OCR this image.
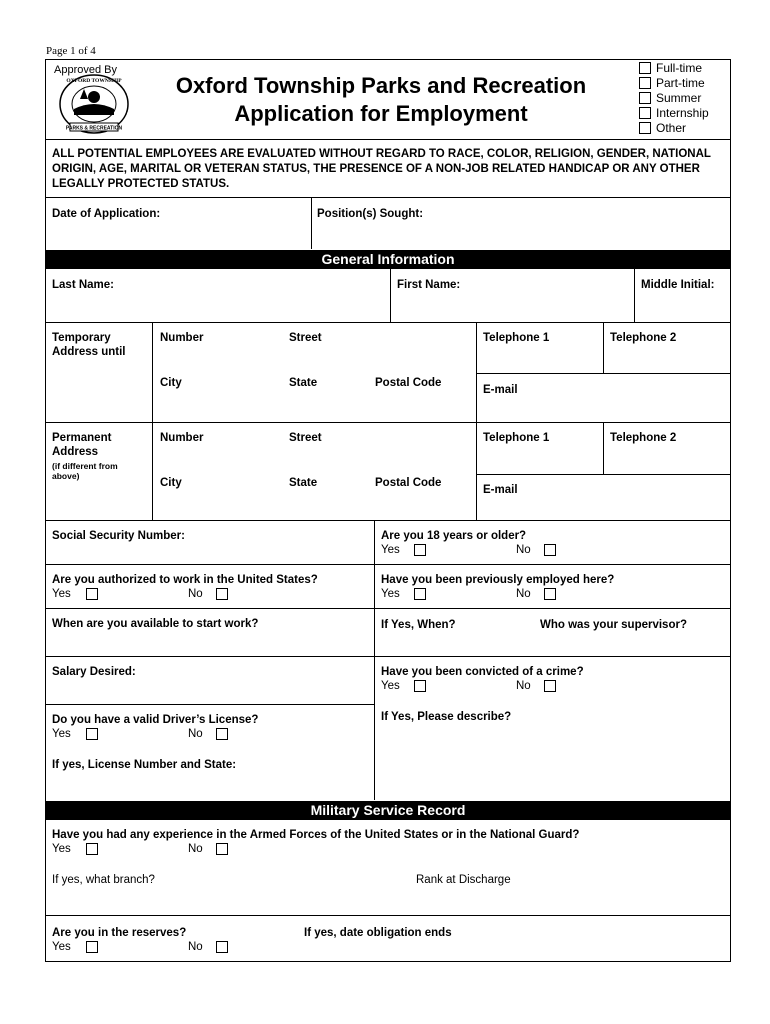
Page 1 of 4
Approved By
PARKS & RECREATION
OXFORD TOWNSHIP	Oxford Township Parks and Recreation
Application for Employment
Full-time
Part-time
Summer
Internship
Other
ALL POTENTIAL EMPLOYEES ARE EVALUATED WITHOUT REGARD TO RACE, COLOR, RELIGION, GENDER, NATIONAL ORIGIN, AGE, MARITAL OR VETERAN STATUS, THE PRESENCE OF A NON-JOB RELATED HANDICAP OR ANY OTHER LEGALLY PROTECTED STATUS.
Date of Application:	Position(s) Sought:
General Information
Last Name:	First Name:	Middle Initial:
Temporary Address until
Number	Street
City	State	Postal Code
Telephone 1	Telephone 2
E-mail
Permanent Address
(if different from above)
Number	Street
City	State	Postal Code
Telephone 1	Telephone 2
E-mail
Social Security Number:	Are you 18 years or older?
Yes	No
Are you authorized to work in the United States?
Yes	No
Have you been previously employed here?
Yes	No
When are you available to start work?	If Yes, When?	Who was your supervisor?
Salary Desired:	Have you been convicted of a crime?
Yes	No
If Yes, Please describe?
Do you have a valid Driver’s License?
Yes	No
If yes, License Number and State:
Military Service Record
Have you had any experience in the Armed Forces of the United States or in the National Guard?
Yes	No
If yes, what branch?	Rank at Discharge
Are you in the reserves?
Yes	No
If yes, date obligation ends
